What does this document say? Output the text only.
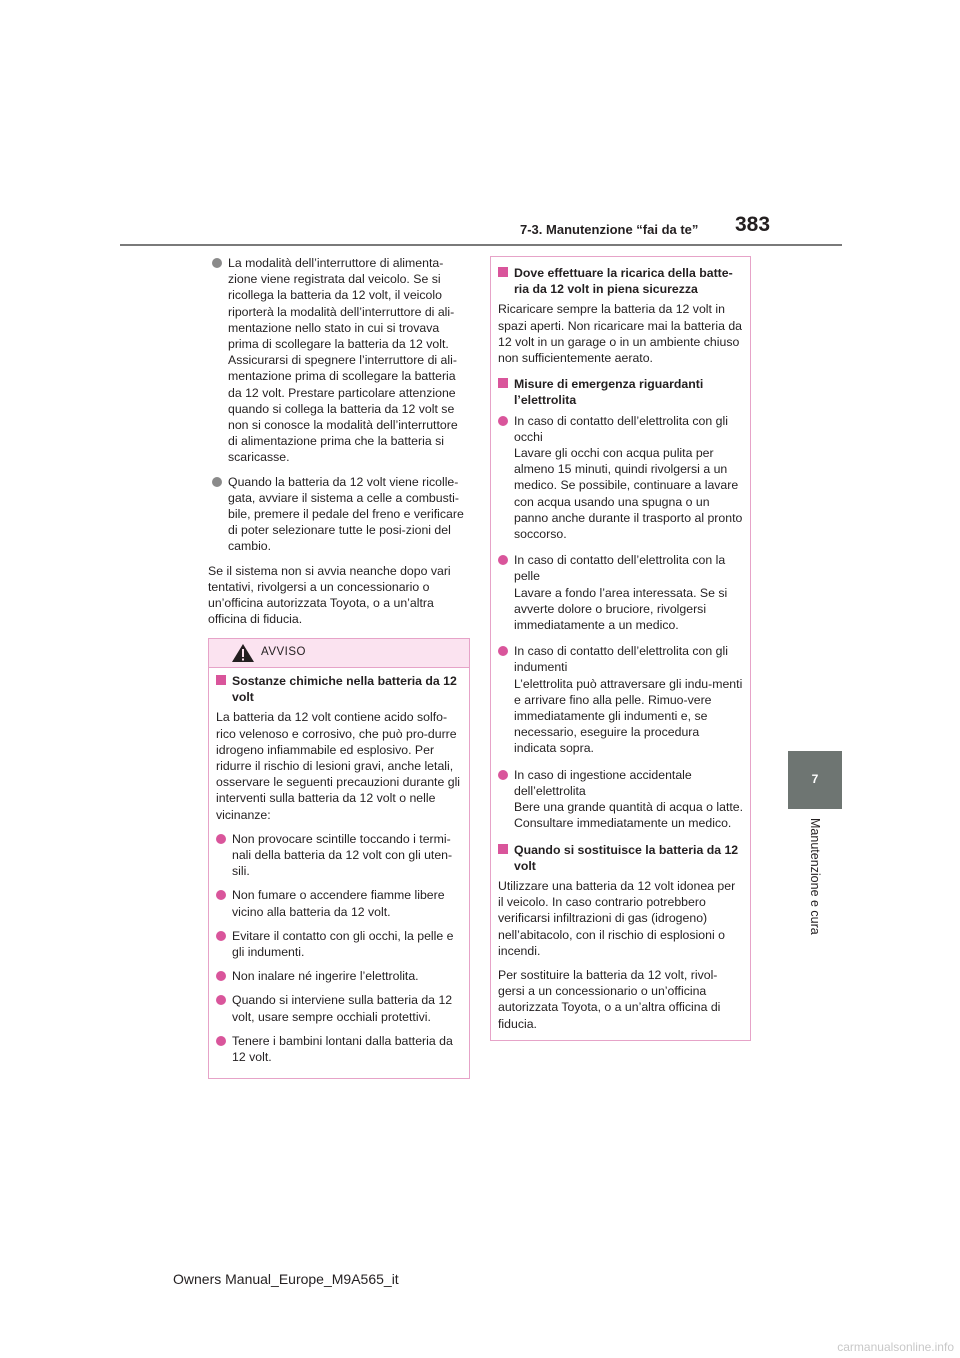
7-3. Manutenzione “fai da te” 383
7
Manutenzione e cura
La modalità dell’interruttore di alimenta-zione viene registrata dal veicolo. Se si ricollega la batteria da 12 volt, il veicolo riporterà la modalità dell’interruttore di ali-mentazione nello stato in cui si trovava prima di scollegare la batteria da 12 volt. Assicurarsi di spegnere l’interruttore di ali-mentazione prima di scollegare la batteria da 12 volt. Prestare particolare attenzione quando si collega la batteria da 12 volt se non si conosce la modalità dell’interruttore di alimentazione prima che la batteria si scaricasse.
Quando la batteria da 12 volt viene ricolle-gata, avviare il sistema a celle a combusti-bile, premere il pedale del freno e verificare di poter selezionare tutte le posi-zioni del cambio.

Se il sistema non si avvia neanche dopo vari tentativi, rivolgersi a un concessionario o un’officina autorizzata Toyota, o a un’altra officina di fiducia.

AVVISO
Sostanze chimiche nella batteria da 12 volt

La batteria da 12 volt contiene acido solfo-rico velenoso e corrosivo, che può pro-durre idrogeno infiammabile ed esplosivo. Per ridurre il rischio di lesioni gravi, anche letali, osservare le seguenti precauzioni durante gli interventi sulla batteria da 12 volt o nelle vicinanze:

Non provocare scintille toccando i termi-nali della batteria da 12 volt con gli uten-sili.
Non fumare o accendere fiamme libere vicino alla batteria da 12 volt.
Evitare il contatto con gli occhi, la pelle e gli indumenti.
Non inalare né ingerire l’elettrolita.
Quando si interviene sulla batteria da 12 volt, usare sempre occhiali protettivi.
Tenere i bambini lontani dalla batteria da 12 volt.
Dove effettuare la ricarica della batte-ria da 12 volt in piena sicurezza

Ricaricare sempre la batteria da 12 volt in spazi aperti. Non ricaricare mai la batteria da 12 volt in un garage o in un ambiente chiuso non sufficientemente aerato.

Misure di emergenza riguardanti l’elettrolita
In caso di contatto dell’elettrolita con gli occhi
Lavare gli occhi con acqua pulita per almeno 15 minuti, quindi rivolgersi a un medico. Se possibile, continuare a lavare con acqua usando una spugna o un panno anche durante il trasporto al pronto soccorso.
In caso di contatto dell’elettrolita con la pelle
Lavare a fondo l’area interessata. Se si avverte dolore o bruciore, rivolgersi immediatamente a un medico.
In caso di contatto dell’elettrolita con gli indumenti
L’elettrolita può attraversare gli indu-menti e arrivare fino alla pelle. Rimuo-vere immediatamente gli indumenti e, se necessario, eseguire la procedura indicata sopra.
In caso di ingestione accidentale dell’elettrolita
Bere una grande quantità di acqua o latte. Consultare immediatamente un medico.
Quando si sostituisce la batteria da 12 volt

Utilizzare una batteria da 12 volt idonea per il veicolo. In caso contrario potrebbero verificarsi infiltrazioni di gas (idrogeno) nell’abitacolo, con il rischio di esplosioni o incendi.

Per sostituire la batteria da 12 volt, rivol-gersi a un concessionario o un’officina autorizzata Toyota, o a un’altra officina di fiducia.

Owners Manual_Europe_M9A565_it
carmanualsonline.info
